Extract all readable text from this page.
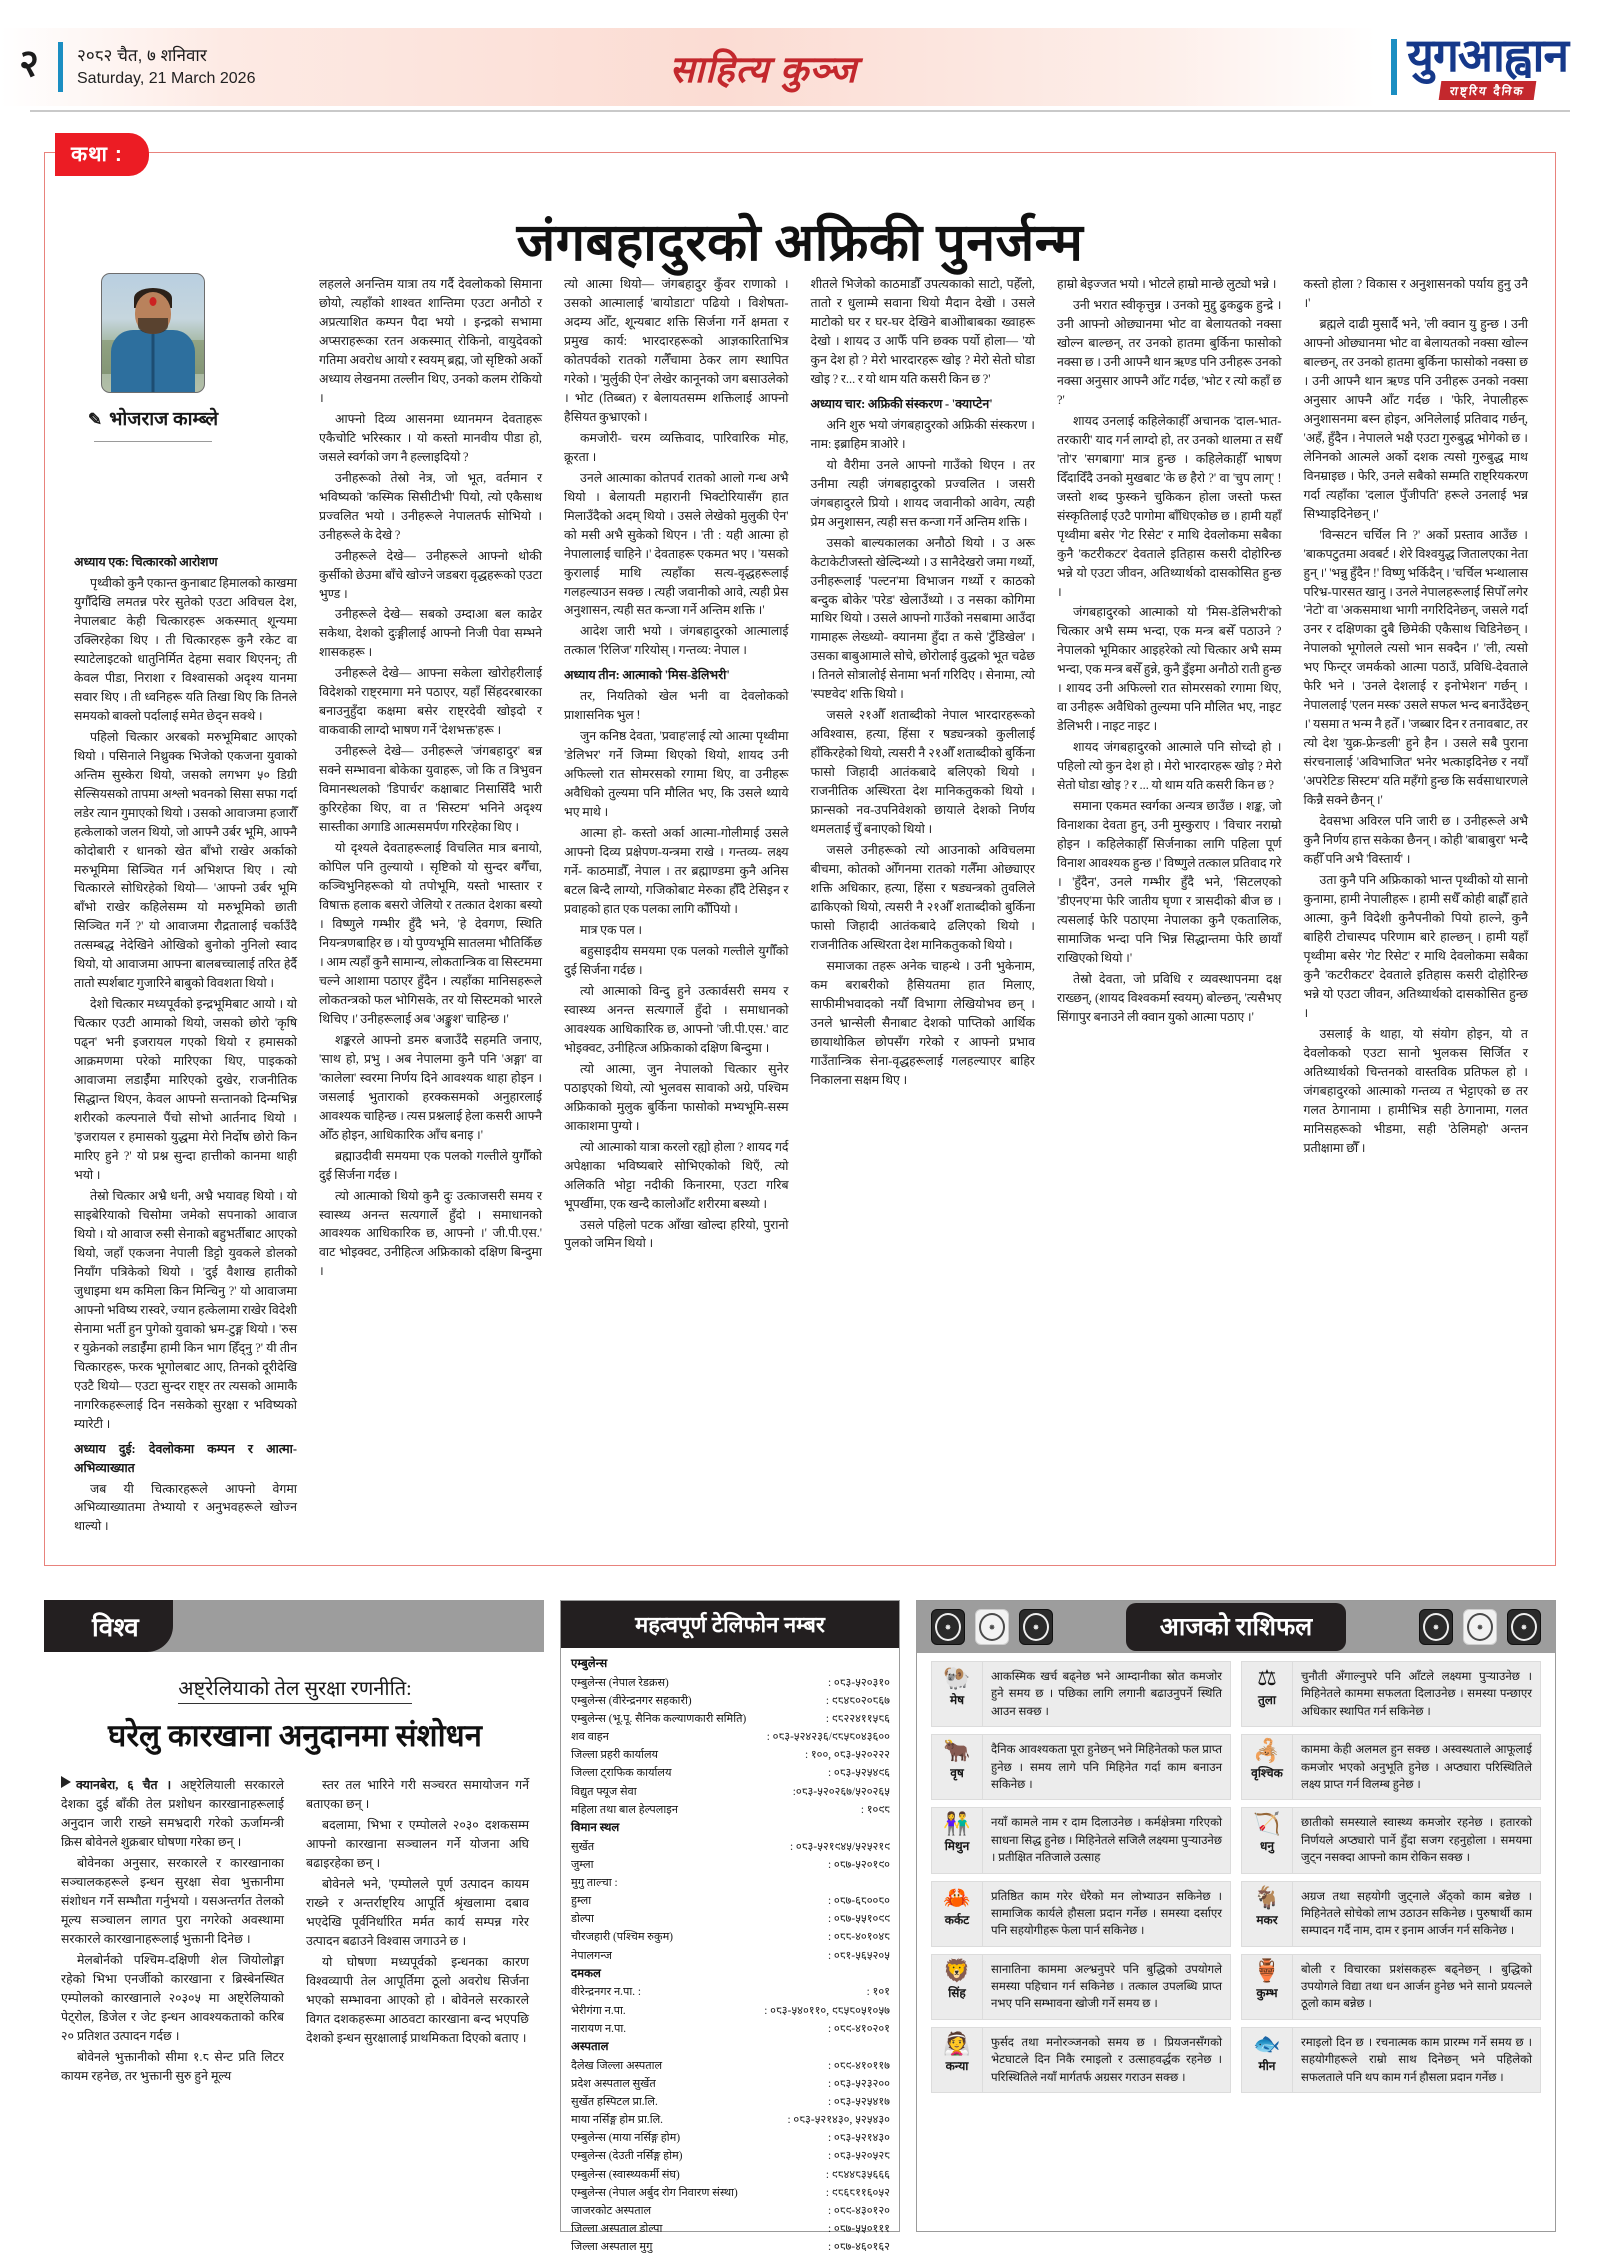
२	२०८२ चैत, ७ शनिवार
Saturday, 21 March 2026	साहित्य कुञ्ज	युगआह्वान
राष्ट्रिय दैनिक
कथा :
जंगबहादुरको अफ्रिकी पुनर्जन्म
✎ भोजराज काम्ब्ले

अध्याय एक: चित्कारको आरोशण

पृथ्वीको कुनै एकान्त कुनाबाट हिमालको काखमा युगौँदेखि लमतन्न परेर सुतेको एउटा अविचल देश, नेपालबाट केही चित्कारहरू अकस्मात् शून्यमा उक्लिरहेका थिए । ती चित्कारहरू कुनै रकेट वा स्याटेलाइटको धातुनिर्मित देहमा सवार थिएनन्; ती केवल पीडा, निराशा र विश्वासको अदृश्य यानमा सवार थिए । ती ध्वनिहरू यति तिखा थिए कि तिनले समयको बाक्लो पर्दालाई समेत छेद्न सक्थे ।

पहिलो चित्कार अरबको मरुभूमिबाट आएको थियो । पसिनाले निथ्रुक्क भिजेको एकजना युवाको अन्तिम सुस्केरा थियो, जसको लगभग ५० डिग्री सेल्सियसको तापमा अश्लो भवनको सिसा सफा गर्दा लडेर त्यान गुमाएको थियो । उसको आवाजमा हजारौँ हत्केलाको जलन थियो, जो आफ्नै उर्बर भूमि, आफ्नै कोदोबारी र धानको खेत बाँभो राखेर अर्काको मरुभूमिमा सिञ्चित गर्न अभिशप्त थिए । त्यो चित्कारले सोधिरहेको थियो— 'आफ्नो उर्बर भूमि बाँभो राखेर कहिलेसम्म यो मरुभूमिको छाती सिञ्चित गर्ने ?' यो आवाजमा रौद्रतालाई चर्काउँदै तत्सम्बद्ध नेदेखिने ओखिको बुनोको नुनिलो स्वाद थियो, यो आवाजमा आफ्ना बालबच्चालाई तरित हेर्दै तातो स्पर्शबाट गुजारिने बाबुको विवशता थियो ।

देशो चित्कार मध्यपूर्वको इन्द्रभूमिबाट आयो । यो चित्कार एउटी आमाको थियो, जसको छोरो 'कृषि पढ्न' भनी इजरायल गएको थियो र हमासको आक्रमणमा परेको मारिएका थिए, पाइकको आवाजमा लडाईँमा मारिएको दुखेर, राजनीतिक सिद्धान्त थिएन, केवल आफ्नो सन्तानको दिन्मभिन्न शरीरको कल्पनाले पैंचो सोभो आर्तनाद थियो । 'इजरायल र हमासको युद्धमा मेरो निर्दोष छोरो किन मारिए हुने ?' यो प्रश्न सुन्दा हात्तीको कानमा थाही भयो ।

तेस्रो चित्कार अभ्रै धनी, अभ्रै भयावह थियो । यो साइबेरियाको चिसोमा जमेको सपनाको आवाज थियो । यो आवाज रुसी सेनाको बहुभर्तीबाट आएको थियो, जहाँ एकजना नेपाली डिट्टो युवकले डोलको नियाँग पत्रिकेको थियो । 'दुई वैशाख हातीको जुधाइमा थम कमिला किन मिन्चिनु ?' यो आवाजमा आफ्नो भविष्य रास्वरे, ज्यान हत्केलामा राखेर विदेशी सेनामा भर्ती हुन पुगेको युवाको भ्रम-टुङ्ग थियो । 'रुस र युक्रेनको लडाईँमा हामी किन भाग हिँद्नु ?' यी तीन चित्कारहरू, फरक भूगोलबाट आए, तिनको दूरीदेखि एउटै थियो— एउटा सुन्दर राष्ट्र तर त्यसको आमाकै नागरिकहरूलाई दिन नसकेको सुरक्षा र भविष्यको म्यारेटी ।

अध्याय दुई: देवलोकमा कम्पन र आत्मा-अभिव्याख्यात

जब यी चित्कारहरूले आफ्नो वेगमा अभिव्याख्यातमा तेभ्यायो र अनुभवहरूले खोज्न थाल्यो ।

लहलले अनन्तिम यात्रा तय गर्दै देवलोकको सिमाना छोयो, त्यहाँको शाश्वत शान्तिमा एउटा अनौठो र अप्रत्याशित कम्पन पैदा भयो । इन्द्रको सभामा अप्सराहरूका रतन अकस्मात् रोकिनो, वायुदेवको गतिमा अवरोध आयो र स्वयम् ब्रह्म, जो सृष्टिको अर्को अध्याय लेखनमा तल्लीन थिए, उनको कलम रोकियो ।

आफ्नो दिव्य आसनमा ध्यानमग्न देवताहरू एकैचोटि भरिस्कार । यो कस्तो मानवीय पीडा हो, जसले स्वर्गको जग नै हल्लाइदियो ?

उनीहरूको तेस्रो नेत्र, जो भूत, वर्तमान र भविष्यको 'कस्मिक सिसीटीभी' पियो, त्यो एकैसाथ प्रज्वलित भयो । उनीहरूले नेपालतर्फ सोभियो । उनीहरूले के देखे ?

उनीहरूले देखे— उनीहरूले आफ्नो थोकी कुर्सीको छेउमा बाँचे खोज्ने जडबरा वृद्धहरूको एउटा भुण्ड ।

उनीहरूले देखे— सबको उम्दाआ बल काढेर सकेथा, देशको दुःङ्गीलाई आफ्नो निजी पेवा सम्भने शासकहरू ।

उनीहरूले देखे— आफ्ना सकेला खोरोहरीलाई विदेशको राष्ट्रमागा मने पठाएर, यहाँ सिंहदरबारका बनाउनुहुँदा कक्षमा बसेर राष्ट्रदेवी खोइदो र वाकवाकी लाग्दो भाषण गर्ने 'देशभक्त'हरू ।

उनीहरूले देखे— उनीहरूले 'जंगबहादुर' बन्न सक्ने सम्भावना बोकेका युवाहरू, जो कि त त्रिभुवन विमानस्थलको 'डिपार्चर' कक्षाबाट निसासिँदै भारी कुरिरहेका थिए, वा त 'सिस्टम' भनिने अदृश्य सास्तीका अगाडि आत्मसमर्पण गरिरहेका थिए ।

यो दृश्यले देवताहरूलाई विचलित मात्र बनायो, कोपिल पनि तुल्यायो । सृष्टिको यो सुन्दर बगैँचा, कञ्चिभुनिहरूको यो तपोभूमि, यस्तो भास्तार र विषाक्त हलाक बसरो जेलियो र तत्कात देशका बस्यो । विष्णुले गम्भीर हुँदै भने, 'हे देवगण, स्थिति नियन्त्रणबाहिर छ । यो पुण्यभूमि सातलमा भौतिकिँछ । आम त्यहाँ कुनै सामान्य, लोकतान्त्रिक वा सिस्टममा चल्ने आशामा पठाएर हुँदैन । त्यहाँका मानिसहरूले लोकतन्त्रको फल भोगिसके, तर यो सिस्टमको भारले थिचिए ।' उनीहरूलाई अब 'अङ्कुश' चाहिन्छ ।'

शङ्करले आफ्नो डमरु बजाउँदै सहमति जनाए, 'साथ हो, प्रभु । अब नेपालमा कुनै पनि 'अङ्गा' वा 'कालेला' स्वरमा निर्णय दिने आवश्यक थाहा होइन । जसलाई भुताराको हरक्कसमको अनुहारलाई आवश्यक चाहिन्छ । त्यस प्रश्नलाई हेला कसरी आफ्नै ओँठ होइन, आधिकारिक आँच बनाइ ।'

ब्रह्माउदीवी समयमा एक पलको गल्तीले युगौँको दुई सिर्जना गर्दछ ।

त्यो आत्माको थियो कुनै दुः उत्काजसरी समय र स्वास्थ्य अनन्त सत्यगार्ले हुँदो । समाधानको आवश्यक आधिकारिक छ, आफ्नो ।' जी.पी.एस.' वाट भोइक्वट, उनीहित्ज अफ्रिकाको दक्षिण बिन्दुमा ।

त्यो आत्मा थियो— जंगबहादुर कुँवर राणाको । उसको आत्मालाई 'बायोडाटा' पढियो । विशेषता- अदम्य ओँट, शून्यबाट शक्ति सिर्जना गर्ने क्षमता र प्रमुख कार्य: भारदारहरूको आज्ञकारिताभित्र कोतपर्वको रातको गलैँचामा ठेकर लाग स्थापित गरेको । 'मुर्लुकी ऐन' लेखेर कानूनको जग बसाउलेको । भोट (तिब्बत) र बेलायतसम्म शक्तिलाई आफ्नो हैसियत कुभ्राएको ।

कमजोरी- चरम व्यक्तिवाद, पारिवारिक मोह, क्रूरता ।

उनले आत्माका कोतपर्व रातको आलो गन्ध अभै थियो । बेलायती महारानी भिक्टोरियासँग हात मिलाउँदैको अदम् थियो । उसले लेखेको मुलुकी ऐन' को मसी अभै सुकेको थिएन । 'ती : यही आत्मा हो नेपालालाई चाहिने ।' देवताहरू एकमत भए । 'यसको कुरालाई माथि त्यहाँका सत्य-वृद्धहरूलाई गलहल्याउन सक्छ । त्यही जवानीको आवे, त्यही प्रेस अनुशासन, त्यही सत कन्जा गर्ने अन्तिम शक्ति ।'

आदेश जारी भयो । जंगबहादुरको आत्मालाई तत्काल 'रिलिज' गरियोस् । गन्तव्य: नेपाल ।

अध्याय तीन: आत्माको 'मिस-डेलिभरी'

तर, नियतिको खेल भनी वा देवलोकको प्राशासनिक भुल !

जुन कनिष्ठ देवता, 'प्रवाह'लाई त्यो आत्मा पृथ्वीमा 'डेलिभर' गर्ने जिम्मा थिएको थियो, शायद उनी अफिल्लो रात सोमरसको रगामा थिए, वा उनीहरू अवैधिको तुल्यमा पनि मौलित भए, कि उसले थ्याये भए माथे ।

आत्मा हो- कस्तो अर्का आत्मा-गोलीमाई उसले आफ्नो दिव्य प्रक्षेपण-यन्त्रमा राखे । गन्तव्य- लक्ष्य गर्ने- काठमाडौँ, नेपाल । तर ब्रह्माण्डमा कुनै अनिस बटल बिन्दै लाग्यो, गजिकोबाट मेरुका हौँदै टेसिइन र प्रवाहको हात एक पलका लागि कौँपियो ।

मात्र एक पल ।

बहुसाइदीय समयमा एक पलको गल्तीले युगौँको दुई सिर्जना गर्दछ ।

त्यो आत्माको विन्दु हुने उत्कार्वसरी समय र स्वास्थ्य अनन्त सत्यगार्ले हुँदो । समाधानको आवश्यक आधिकारिक छ, आफ्नो 'जी.पी.एस.' वाट भोइक्वट, उनीहित्ज अफ्रिकाको दक्षिण बिन्दुमा ।

त्यो आत्मा, जुन नेपालको चित्कार सुनेर पठाइएको थियो, त्यो भुलवस सावाको अग्रे, पश्चिम अफ्रिकाको मुलुक बुर्किना फासोको मभ्यभूमि-सस्म आकाशमा पुग्यो ।

त्यो आत्माको यात्रा करलो रह्यो होला ? शायद गर्द अपेक्षाका भविष्यबारे सोभिएकोको थिएँ, त्यो अलिकति भोट्टा नदीकी किनारमा, एउटा गरिब भूपर्खीमा, एक खन्दै कालोआँट शरीरमा बस्थ्यो ।

उसले पहिलो पटक आँखा खोल्दा हरियो, पुरानो पुलको जमिन थियो ।

शीतले भिजेको काठमाडौँ उपत्यकाको साटो, पहेँलो, तातो र धुलाम्मे सवाना थियो मैदान देखेो । उसले माटोको घर र घर-घर देखिने बाओोबाबका ख्वाहरू देखो । शायद उ आफैँ पनि छक्क पर्यो होला— 'यो कुन देश हो ? मेरो भारदारहरू खोइ ? मेरो सेतो घोडा खोइ ? र... र यो थाम यति कसरी किन छ ?'

अध्याय चार: अफ्रिकी संस्करण - 'क्याप्टेन'

अनि शुरु भयो जंगबहादुरको अफ्रिकी संस्करण । नाम: इब्राहिम त्राओरे ।

यो वैरीमा उनले आफ्नो गाउँको थिएन । तर उनीमा त्यही जंगबहादुरको प्रज्वलित । जसरी जंगबहादुरले प्रियो । शायद जवानीको आवेग, त्यही प्रेम अनुशासन, त्यही सत्त कन्जा गर्ने अन्तिम शक्ति ।

उसको बाल्यकालका अनौठो थियो । उ अरू केटाकेटीजस्तो खेल्दिन्थ्यो । उ सानैदेखरो जमा गर्थ्यो, उनीहरूलाई 'पल्टन'मा विभाजन गर्थ्यो र काठको बन्दुक बोकेर 'परेड' खेलाउँथ्यो । उ नसका कोगिमा माथिर थियो । उसले आफ्नो गाउँको नसबामा आउँदा गामाहरू लेख्थ्यो- क्यानमा हुँदा त कसे 'टुँडिखेल' । उसका बाबुआमाले सोचे, छोरोलाई वुद्धको भूत चढेछ । तिनले सोत्रालोई सेनामा भर्ना गरिदिए । सेनामा, त्यो 'स्पष्टवेद' शक्ति थियो ।

जसले २१औँ शताब्दीको नेपाल भारदारहरूको अविश्वास, हत्या, हिंसा र षड्यन्त्रको कुलीलाई हाँकिरहेको थियो, त्यसरी नै २१औँ शताब्दीको बुर्किना फासो जिहादी आतंकबादे बलिएको थियो । राजनीतिक अस्थिरता देश मानिकतुकको थियो । फ्रान्सको नव-उपनिवेशको छायाले देशको निर्णय थमलताई चुँ बनाएको थियो ।

जसले उनीहरूको त्यो आउनाको अविचलमा बीचमा, कोतको ओँगनमा रातको गलैँमा ओछ्याएर शक्ति अधिकार, हत्या, हिंसा र षड्यन्त्रको तुवलिले ढाकिएको थियो, त्यसरी नै २१औँ शताब्दीको बुर्किना फासो जिहादी आतंकबादे ढलिएको थियो । राजनीतिक अस्थिरता देश मानिकतुकको थियो ।

समाजका तहरू अनेक चाहन्थे । उनी भुकेनाम, कम बराबरीको हैसियतमा हात मिलाए, साफीमीभवादको नयौँ विभागा लेखियोभव छन् । उनले भ्रान्सेली सैनाबाट देशको पाप्तिको आर्थिक छायाथोकिल छोपसँग गरेको र आफ्नो प्रभाव गाउँतान्त्रिक सेना-वृद्धहरूलाई गलहल्याएर बाहिर निकालना सक्षम थिए ।

हाम्रो बेइज्जत भयो । भोटले हाम्रो मान्छे लुट्यो भन्ने ।

उनी भरात स्वीकृत्तुन्न । उनको मुद्दु ढुकढुक हुन्द्रे । उनी आफ्नो ओछ्यानमा भोट वा बेलायतको नक्सा खोल्न बाल्छन्, तर उनको हातमा बुर्किना फासोको नक्सा छ । उनी आफ्नै थान ऋण्ड पनि उनीहरू उनको नक्सा अनुसार आफ्नै आँट गर्दछ, 'भोट र त्यो कहाँ छ ?'

शायद उनलाई कहिलेकाहीँ अचानक 'दाल-भात-तरकारी' याद गर्न लाग्दो हो, तर उनको थालमा त सधैँ 'तो'र 'सगबागा' मात्र हुन्छ । कहिलेकाहीँ भाषण दिँदादिँदै उनको मुखबाट 'के छ हैरो ?' वा 'चुप लाग्' ! जस्तो शब्द फुस्कने चुकिकन होला जस्तो फस्त संस्कृतिलाई एउटै पागोमा बाँधिएकोछ छ । हामी यहाँ पृथ्वीमा बसेर 'गेट रिसेट' र माथि देवलोकमा सबैका कुनै 'कटरीकटर' देवताले इतिहास कसरी दोहोरिन्छ भन्ने यो एउटा जीवन, अतिथ्यार्थको दासकोसित हुन्छ ।

जंगबहादुरको आत्माको यो 'मिस-डेलिभरी'को चित्कार अभै सम्म भन्दा, एक मन्त्र बसेँ पठाउने ? नेपालको भूमिकार आइहरेको त्यो चित्कार अभै सम्म भन्दा, एक मन्त्र बसेँ हुन्ने, कुनै डुँइमा अनौठो राती हुन्छ । शायद उनी अफिल्लो रात सोमरसको रगामा थिए, वा उनीहरू अवैधिको तुल्यमा पनि मौलित भए, नाइट डेलिभरी । नाइट नाइट ।

शायद जंगबहादुरको आत्माले पनि सोच्दो हो । पहिलो त्यो कुन देश हो । मेरो भारदारहरू खोइ ? मेरो सेतो घोडा खोइ ? र ... यो थाम यति कसरी किन छ ?

समाना एकमत स्वर्गका अन्यत्र छाउँछ । शङ्क, जो विनाशका देवता हुन्, उनी मुस्कुराए । 'विचार नराम्रो होइन । कहिलेकाहीँ सिर्जनाका लागि पहिला पूर्ण विनाश आवश्यक हुन्छ ।' विष्णुले तत्काल प्रतिवाद गरे । 'हुँदैन', उनले गम्भीर हुँदै भने, 'सिटलएको 'डीएनए'मा फेरि जातीय घृणा र त्रासदीको बीज छ । त्यसलाई फेरि पठाएमा नेपालका कुनै एकतालिक, सामाजिक भन्दा पनि भिन्न सिद्धान्तमा फेरि छायाँ राखिएको थियो ।'

तेस्रो देवता, जो प्रविधि र व्यवस्थापनमा दक्ष राख्छन्, (शायद विश्वकर्मा स्वयम्) बोल्छन्, 'त्यसैभए सिंगापुर बनाउने ली क्वान युको आत्मा पठाए ।'

कस्तो होला ? विकास र अनुशासनको पर्याय हुनु उनै ।'

ब्रह्मले दाढी मुसार्दै भने, 'ली क्वान यु हुन्छ । उनी आफ्नो ओछ्यानमा भोट वा बेलायतको नक्सा खोल्न बाल्छन्, तर उनको हातमा बुर्किना फासोको नक्सा छ । उनी आफ्नै थान ऋण्ड पनि उनीहरू उनको नक्सा अनुसार आफ्नै आँट गर्दछ । 'फेरि, नेपालीहरू अनुशासनमा बस्न होइन, अनिलेलाई प्रतिवाद गर्छन्, 'अहँ, हुँदैन । नेपालले भक्षै एउटा गुरुबुद्ध भोगेको छ । लेनिनको आत्मले अर्को दशक त्यसो गुरुबुद्ध माथ विनम्राइछ । फेरि, उनले सबैको सम्मति राष्ट्रियकरण गर्दा त्यहाँका 'दलाल पुँजीपति' हरूले उनलाई भन्न सिभ्याइदिनेछन् ।'

'विन्सटन चर्चिल नि ?' अर्को प्रस्ताव आउँछ । 'बाकपटुतमा अवबर्ट । शेरे विश्वयुद्ध जितालएका नेता हुन् ।' 'भन्नु हुँदैन !' विष्णु भर्किदैन् । 'चर्चिल भन्थालास परिभ्र-पारसत खानु । उनले नेपालहरूलाई सिपोँ लगेर 'नेटो' वा 'अकसमाथा भागी नगरिदिनेछन्, जसले गर्दा उनर र दक्षिणका दुबै छिमेकी एकैसाथ चिडिनेछन् । नेपालको भूगोलले त्यसो भान सक्दैन ।' 'ली, त्यसो भए फिन्ट्र जमर्कको आत्मा पठाउँ, प्रविधि-देवताले फेरि भने । 'उनले देशलाई र इनोभेशन' गर्छन् । नेपाललाई 'एलन मस्क' उसले सफल भन्द बनाउँदेछन् ।' यसमा त भन्म नै हतेँ । 'जब्बार दिन र तनावबाट, तर त्यो देश 'युक्र-फ्रेन्डली' हुने हैन । उसले सबै पुराना संरचनालाई 'अविभाजित' भनेर भत्काइदिनेछ र नयाँ 'अपरेटिङ सिस्टम' यति महँगो हुन्छ कि सर्वसाधारणले किन्नै सक्ने छैनन् ।'

देवसभा अविरल पनि जारी छ । उनीहरूले अभै कुनै निर्णय हात्त सकेका छैनन् । कोही 'बाबाबुरा' भन्दै कहीँ पनि अभै 'विस्तार्य' ।

उता कुनै पनि अफ्रिकाको भान्त पृथ्वीको यो सानो कुनामा, हामी नेपालीहरू । हामी सधैँ कोही बाह्रौँ हाते आत्मा, कुनै विदेशी कुनैपनीको पियो हाल्ने, कुनै बाहिरी टोचास्पद परिणाम बारे हाल्छन् । हामी यहाँ पृथ्वीमा बसेर 'गेट रिसेट' र माथि देवलोकमा सबैका कुनै 'कटरीकटर' देवताले इतिहास कसरी दोहोरिन्छ भन्ने यो एउटा जीवन, अतिथ्यार्थको दासकोसित हुन्छ ।

उसलाई के थाहा, यो संयोग होइन, यो त देवलोकको एउटा सानो भुलकस सिर्जित र अतिथ्यार्थको चिन्तनको वास्तविक प्रतिफल हो । जंगबहादुरको आत्माको गन्तव्य त भेट्टाएको छ तर गलत ठेगानामा । हामीभित्र सही ठेगानामा, गलत मानिसहरूको भीडमा, सही 'ठेलिमहोे' अन्तन प्रतीक्षामा छौँ ।

विश्व
अष्ट्रेलियाको तेल सुरक्षा रणनीति:
घरेलु कारखाना अनुदानमा संशोधन

क्यानबेरा, ६ चैत । अष्ट्रेलियाली सरकारले देशका दुई बाँकी तेल प्रशोधन कारखानाहरूलाई अनुदान जारी राख्ने समभ्रदारी गरेको ऊर्जामन्त्री क्रिस बोवेनले शुक्रबार घोषणा गरेका छन् ।

बोवेनका अनुसार, सरकारले र कारखानाका सञ्चालकहरूले इन्धन सुरक्षा सेवा भुक्तानीमा संशोधन गर्ने सम्भौता गर्नुभयो । यसअन्तर्गत तेलको मूल्य सञ्चालन लागत पुरा नगरेको अवस्थामा सरकारले कारखानाहरूलाई भुक्तानी दिनेछ ।

मेलबोर्नको पश्चिम-दक्षिणी शेल जियोलोङ्मा रहेको भिभा एनर्जीको कारखाना र ब्रिस्बेनस्थित एम्पोलको कारखानाले २०३०५ मा अष्ट्रेलियाको पेट्रोल, डिजेल र जेट इन्धन आवश्यकताको करिब २० प्रतिशत उत्पादन गर्दछ ।

बोवेनले भुक्तानीको सीमा १.८ सेन्ट प्रति लिटर कायम रहनेछ, तर भुक्तानी सुरु हुने मूल्य

स्तर तल भारिने गरी सञ्चरत समायोजन गर्ने बताएका छन् ।

बदलामा, भिभा र एम्पोलले २०३० दशकसम्म आफ्नो कारखाना सञ्चालन गर्ने योजना अघि बढाइरहेका छन् ।

बोवेनले भने, 'एम्पोलले पूर्ण उत्पादन कायम राख्ने र अन्तर्राष्ट्रिय आपूर्ति श्रृंखलामा दबाव भएदेखि पूर्वनिर्धारित मर्मत कार्य सम्पन्न गरेर उत्पादन बढाउने विश्वास जगाउने छ ।

यो घोषणा मध्यपूर्वको इन्धनका कारण विश्वव्यापी तेल आपूर्तिमा ठूलो अवरोध सिर्जना भएको सम्भावना आएको हो । बोवेनले सरकारले विगत दशकहरूमा आठवटा कारखाना बन्द भएपछि देशको इन्धन सुरक्षालाई प्राथमिकता दिएको बताए ।

महत्वपूर्ण टेलिफोन नम्बर
एम्बुलेन्स
एम्बुलेन्स (नेपाल रेडक्रस)	: ०८३-५२०३१०
एम्बुलेन्स (वीरेन्द्रनगर सहकारी)	: ९८४८०२०८६७
एम्बुलेन्स (भू.पू. सैनिक कल्याणकारी समिति)	: ९८२२४११५८६
शव वाहन	: ०८३-५२४२३६/९८५८०४३६००
जिल्ला प्रहरी कार्यालय	: १००, ०८३-५२०२२२
जिल्ला ट्राफिक कार्यालय	: ०८३-५२५४९६
विद्युत फ्यूज सेवा	:०८३-५२०२६७/५२०२६५
महिला तथा बाल हेल्पलाइन	: १०९८
विमान स्थल
सुर्खेत	: ०८३-५२१९४५/५२५२१९
जुम्ला	: ०८७-५२०१९०
मुगु ताल्चा :
हुम्ला	: ०८७-६८००८०
डोल्पा	: ०८७-५५१०९९
चौरजहारी (पश्चिम रुकुम)	: ०८८-४०१०४८
नेपालगन्ज	: ०८१-५६५२०५
दमकल
वीरेन्द्रनगर न.पा. :	: १०१
भेरीगंगा न.पा.	: ०८३-५४०११०, ९८५८०५१०५७
नारायण न.पा.	: ०८९-४१०२०१
अस्पताल
दैलेख जिल्ला अस्पताल	: ०८९-४१०११७
प्रदेश अस्पताल सुर्खेत	: ०८३-५२३२००
सुर्खेत हस्पिटल प्रा.लि.	: ०८३-५२५४१७
माया नर्सिङ्ग होम प्रा.लि.	: ०८३-५२१४३०, ५२५४३०
एम्बुलेन्स (माया नर्सिङ्ग होम)	: ०८३-५२१४३०
एम्बुलेन्स (देउती नर्सिङ्ग होम)	: ०८३-५२०५२८
एम्बुलेन्स (स्वास्थ्यकर्मी संघ)	: ९८४४८३५६६६
एम्बुलेन्स (नेपाल अर्बुद रोग निवारण संस्था)	: ९८६८११६०५२
जाजरकोट अस्पताल	: ०८९-४३०१२०
जिल्ला अस्पताल डोल्पा	: ०८७-५५०१११
जिल्ला अस्पताल मुगु	: ०८७-४६०१६२
✸	✸	✸	आजको राशिफल	✸	✸	✸
🐏
मेष
आकस्मिक खर्च बढ्नेछ भने आम्दानीका स्रोत कमजोर हुने समय छ । पछिका लागि लगानी बढाउनुपर्ने स्थिति आउन सक्छ ।
🐂
वृष
दैनिक आवश्यकता पूरा हुनेछन् भने मिहिनेतको फल प्राप्त हुनेछ । समय लागे पनि मिहिनेत गर्दा काम बनाउन सकिनेछ ।
👫
मिथुन
नयाँ कामले नाम र दाम दिलाउनेछ । कर्मक्षेत्रमा गरिएको साधना सिद्ध हुनेछ । मिहिनेतले सजिलै लक्ष्यमा पुर्‍याउनेछ । प्रतीक्षित नतिजाले उत्साह
🦀
कर्कट
प्रतिष्ठित काम गरेर धेरैको मन लोभ्याउन सकिनेछ । सामाजिक कार्यले हौसला प्रदान गर्नेछ । समस्या दर्साएर पनि सहयोगीहरू फेला पार्न सकिनेछ ।
🦁
सिंह
सानातिना काममा अल्भ्रनुपरे पनि बुद्धिको उपयोगले समस्या पहिचान गर्न सकिनेछ । तत्काल उपलब्धि प्राप्त नभए पनि सम्भावना खोजी गर्ने समय छ ।
👰
कन्या
फुर्सद तथा मनोरञ्जनको समय छ । प्रियजनसँगको भेटघाटले दिन निकै रमाइलो र उत्साहवर्द्धक रहनेछ । परिस्थितिले नयाँ मार्गतर्फ अग्रसर गराउन सक्छ ।
⚖
तुला
चुनौती अँगाल्नुपरे पनि आँटले लक्ष्यमा पुर्‍याउनेछ । मिहिनेतले काममा सफलता दिलाउनेछ । समस्या पन्छाएर अधिकार स्थापित गर्न सकिनेछ ।
🦂
वृश्चिक
काममा केही अलमल हुन सक्छ । अस्वस्थताले आफूलाई कमजोर भएको अनुभूति हुनेछ । अप्ठ्यारा परिस्थितिले लक्ष्य प्राप्त गर्न विलम्ब हुनेछ ।
🏹
धनु
छातीको समस्याले स्वास्थ्य कमजोर रहनेछ । हतारको निर्णयले अप्ठ्यारो पार्ने हुँदा सजग रहनुहोला । समयमा जुट्न नसक्दा आफ्नो काम रोकिन सक्छ ।
🐐
मकर
अग्रज तथा सहयोगी जुट्नाले अँठ्को काम बन्नेछ । मिहिनेतले सोचेको लाभ उठाउन सकिनेछ । पुरुषार्थी काम सम्पादन गर्दै नाम, दाम र इनाम आर्जन गर्न सकिनेछ ।
🏺
कुम्भ
बोली र विचारका प्रशंसकहरू बढ्नेछन् । बुद्धिको उपयोगले विद्या तथा धन आर्जन हुनेछ भने सानो प्रयत्नले ठूलो काम बन्नेछ ।
🐟
मीन
रमाइलो दिन छ । रचनात्मक काम प्रारम्भ गर्ने समय छ । सहयोगीहरूले राम्रो साथ दिनेछन् भने पहिलेको सफलताले पनि थप काम गर्न हौसला प्रदान गर्नेछ ।
